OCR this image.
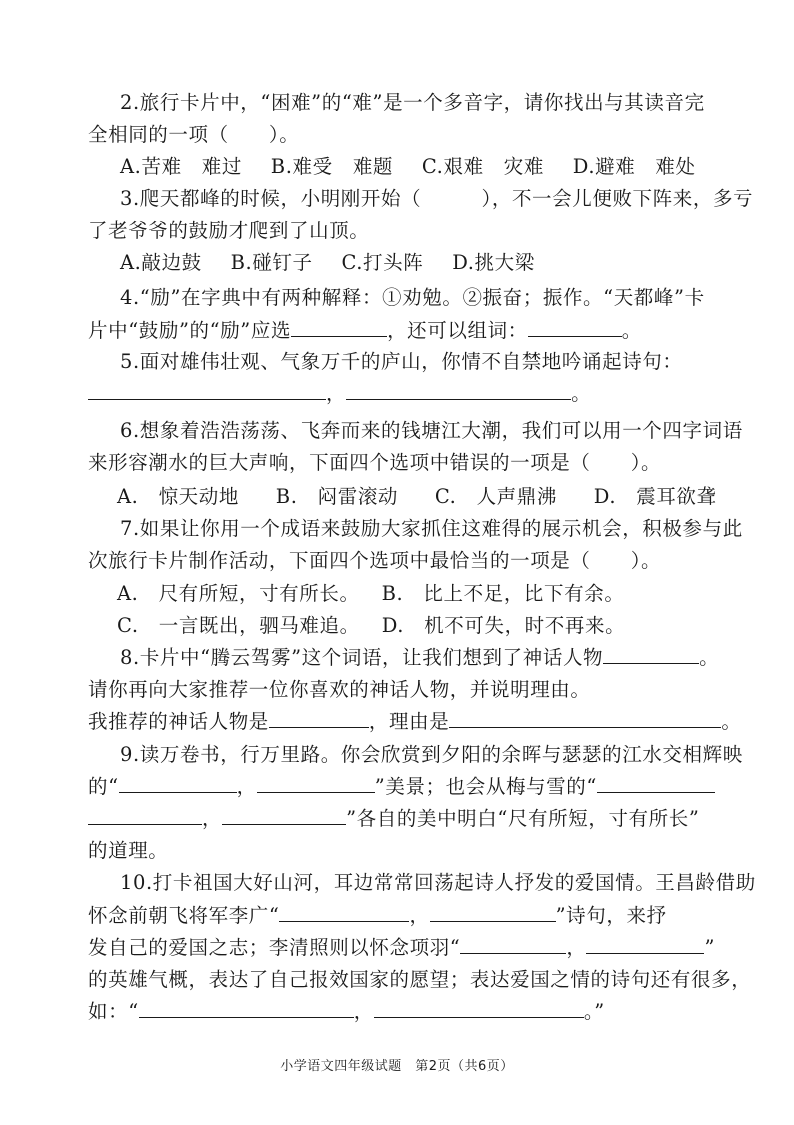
2.旅行卡片中，“困难”的“难”是一个多音字，请你找出与其读音完
全相同的一项（　　）。
A.苦难　难过 B.难受　难题 C.艰难　灾难 D.避难　难处
3.爬天都峰的时候，小明刚开始（　　　），不一会儿便败下阵来，多亏
了老爷爷的鼓励才爬到了山顶。
A.敲边鼓 B.碰钉子 C.打头阵 D.挑大梁
4.“励”在字典中有两种解释：①劝勉。②振奋；振作。“天都峰”卡
片中“鼓励”的“励”应选	，还可以组词：	。
5.面对雄伟壮观、气象万千的庐山，你情不自禁地吟诵起诗句：
，	。
6.想象着浩浩荡荡、飞奔而来的钱塘江大潮，我们可以用一个四字词语
来形容潮水的巨大声响，下面四个选项中错误的一项是（　　）。
A.　惊天动地 B.　闷雷滚动 C.　人声鼎沸 D.　震耳欲聋
7.如果让你用一个成语来鼓励大家抓住这难得的展示机会，积极参与此
次旅行卡片制作活动，下面四个选项中最恰当的一项是（　　）。
A.　尺有所短，寸有所长。 B.　比上不足，比下有余。
C.　一言既出，驷马难追。 D.　机不可失，时不再来。
8.卡片中“腾云驾雾”这个词语，让我们想到了神话人物	。
请你再向大家推荐一位你喜欢的神话人物，并说明理由。
我推荐的神话人物是	，理由是	。
9.读万卷书，行万里路。你会欣赏到夕阳的余晖与瑟瑟的江水交相辉映
的“	，	”美景；也会从梅与雪的“
，	”各自的美中明白“尺有所短，寸有所长”
的道理。
10.打卡祖国大好山河，耳边常常回荡起诗人抒发的爱国情。王昌龄借助
怀念前朝飞将军李广“	，	”诗句，来抒
发自己的爱国之志；李清照则以怀念项羽“	，	”
的英雄气概，表达了自己报效国家的愿望；表达爱国之情的诗句还有很多，
如：“	，	。”
小学语文四年级试题　第2页（共6页）
